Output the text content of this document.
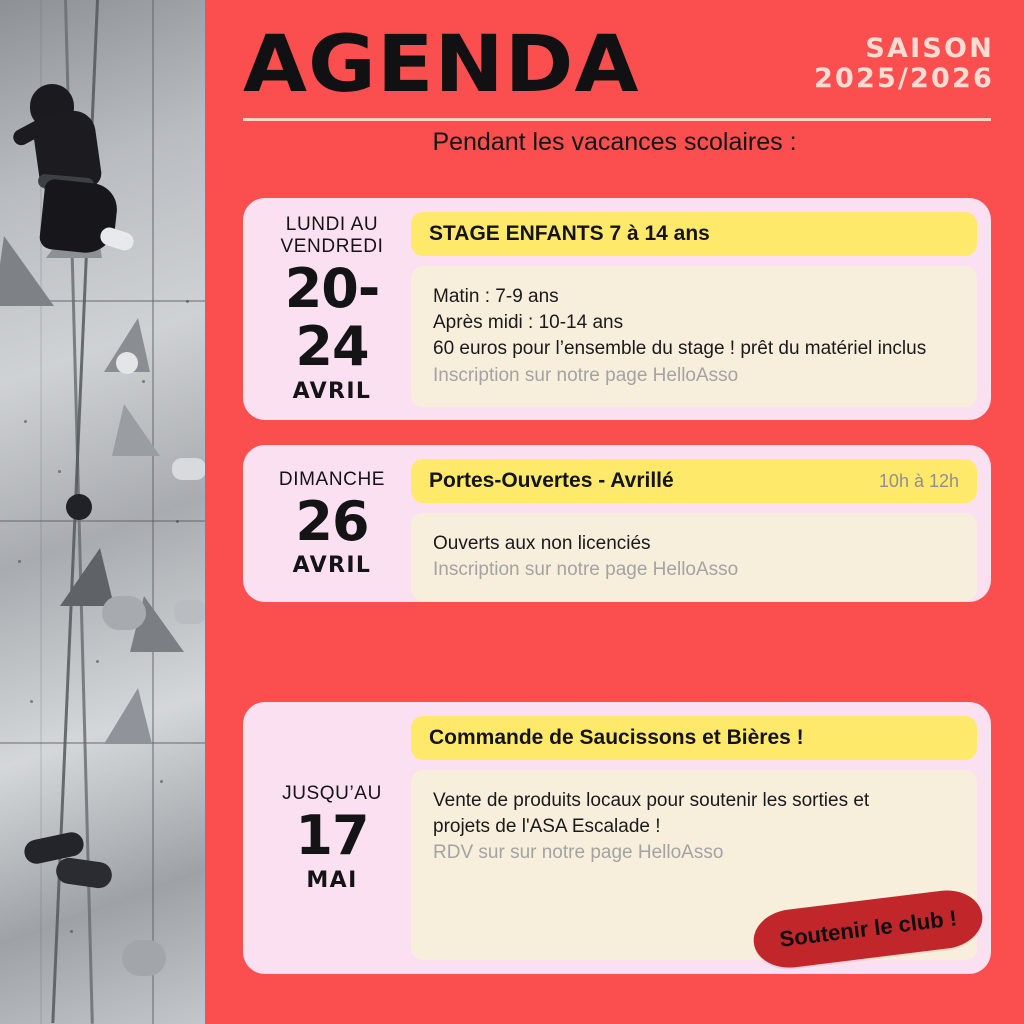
AGENDA	SAISON
2025/2026
Pendant les vacances scolaires :
LUNDI AU VENDREDI
20-24
AVRIL
STAGE ENFANTS 7 à 14 ans
Matin : 7-9 ans
Après midi : 10-14 ans
60 euros pour l’ensemble du stage ! prêt du matériel inclus
Inscription sur notre page HelloAsso
DIMANCHE
26
AVRIL
Portes-Ouvertes - Avrillé	10h à 12h
Ouverts aux non licenciés
Inscription sur notre page HelloAsso
JUSQU’AU
17
MAI
Commande de Saucissons et Bières !
Vente de produits locaux pour soutenir les sorties et
projets de l'ASA Escalade !
RDV sur sur notre page HelloAsso
Soutenir le club !
